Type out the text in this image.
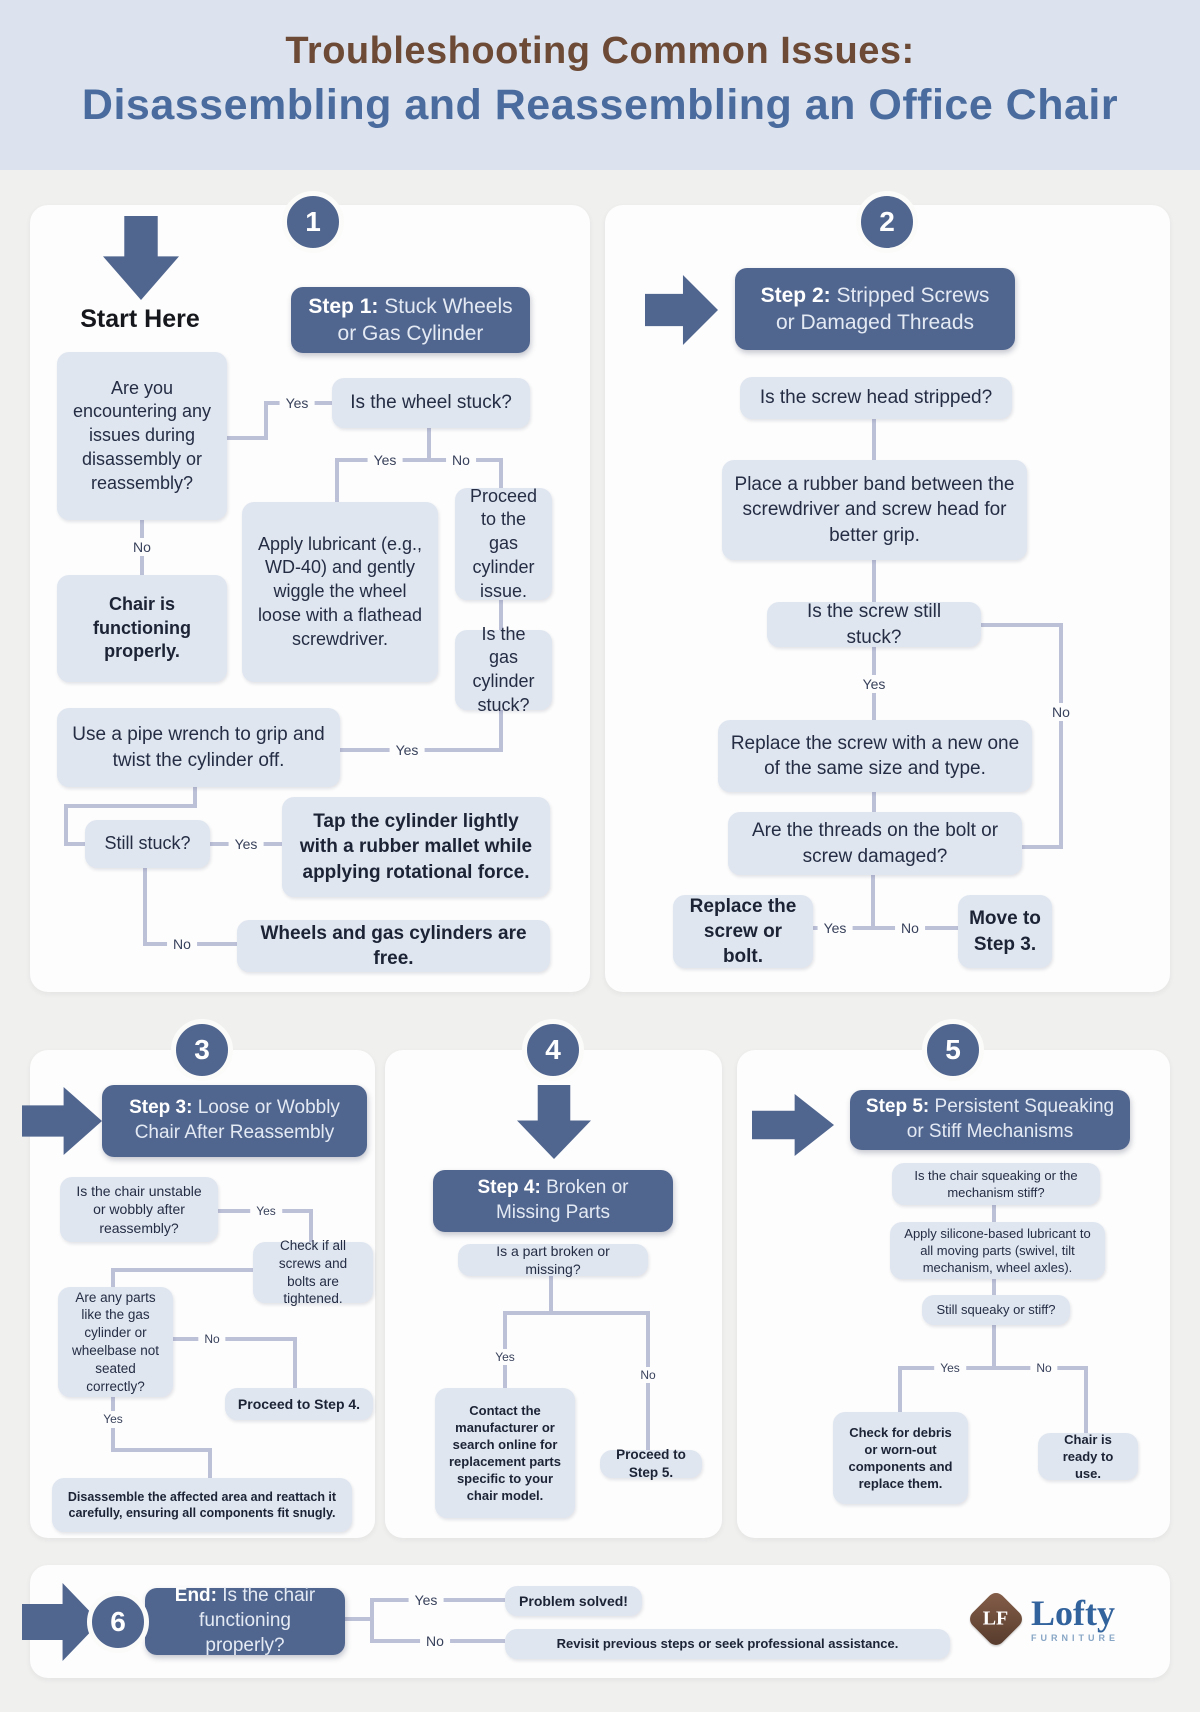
Troubleshooting Common Issues:
Disassembling and Reassembling an Office Chair
1
Start Here
Are you encountering any issues during disassembly or reassembly?
Step 1: Stuck Wheels or Gas Cylinder
Is the wheel stuck?
Apply lubricant (e.g., WD-40) and gently wiggle the wheel loose with a flathead screwdriver.
Proceed to the gas cylinder issue.
Is the gas cylinder stuck?
Chair is functioning properly.
Use a pipe wrench to grip and twist the cylinder off.
Still stuck?
Tap the cylinder lightly with a rubber mallet while applying rotational force.
Wheels and gas cylinders are free.
Yes
Yes	No
Yes
Yes
No
No
2
Step 2: Stripped Screws or Damaged Threads
Is the screw head stripped?
Place a rubber band between the screwdriver and screw head for better grip.
Is the screw still stuck?
Replace the screw with a new one of the same size and type.
Are the threads on the bolt or screw damaged?
Replace the screw or bolt.
Move to Step 3.
Yes
No
Yes	No
3
Step 3: Loose or Wobbly Chair After Reassembly
Is the chair unstable or wobbly after reassembly?
Check if all screws and bolts are tightened.
Are any parts like the gas cylinder or wheelbase not seated correctly?
Proceed to Step 4.
Disassemble the affected area and reattach it carefully, ensuring all components fit snugly.
Yes
No
Yes
4
Step 4: Broken or Missing Parts
Is a part broken or missing?
Contact the manufacturer or search online for replacement parts specific to your chair model.
Proceed to Step 5.
Yes
No
5
Step 5: Persistent Squeaking or Stiff Mechanisms
Is the chair squeaking or the mechanism stiff?
Apply silicone-based lubricant to all moving parts (swivel, tilt mechanism, wheel axles).
Still squeaky or stiff?
Check for debris or worn-out components and replace them.
Chair is ready to use.
Yes	No
6
End: Is the chair functioning properly?
Problem solved!
Revisit previous steps or seek professional assistance.
Yes
No
LF Lofty
FURNITURE
